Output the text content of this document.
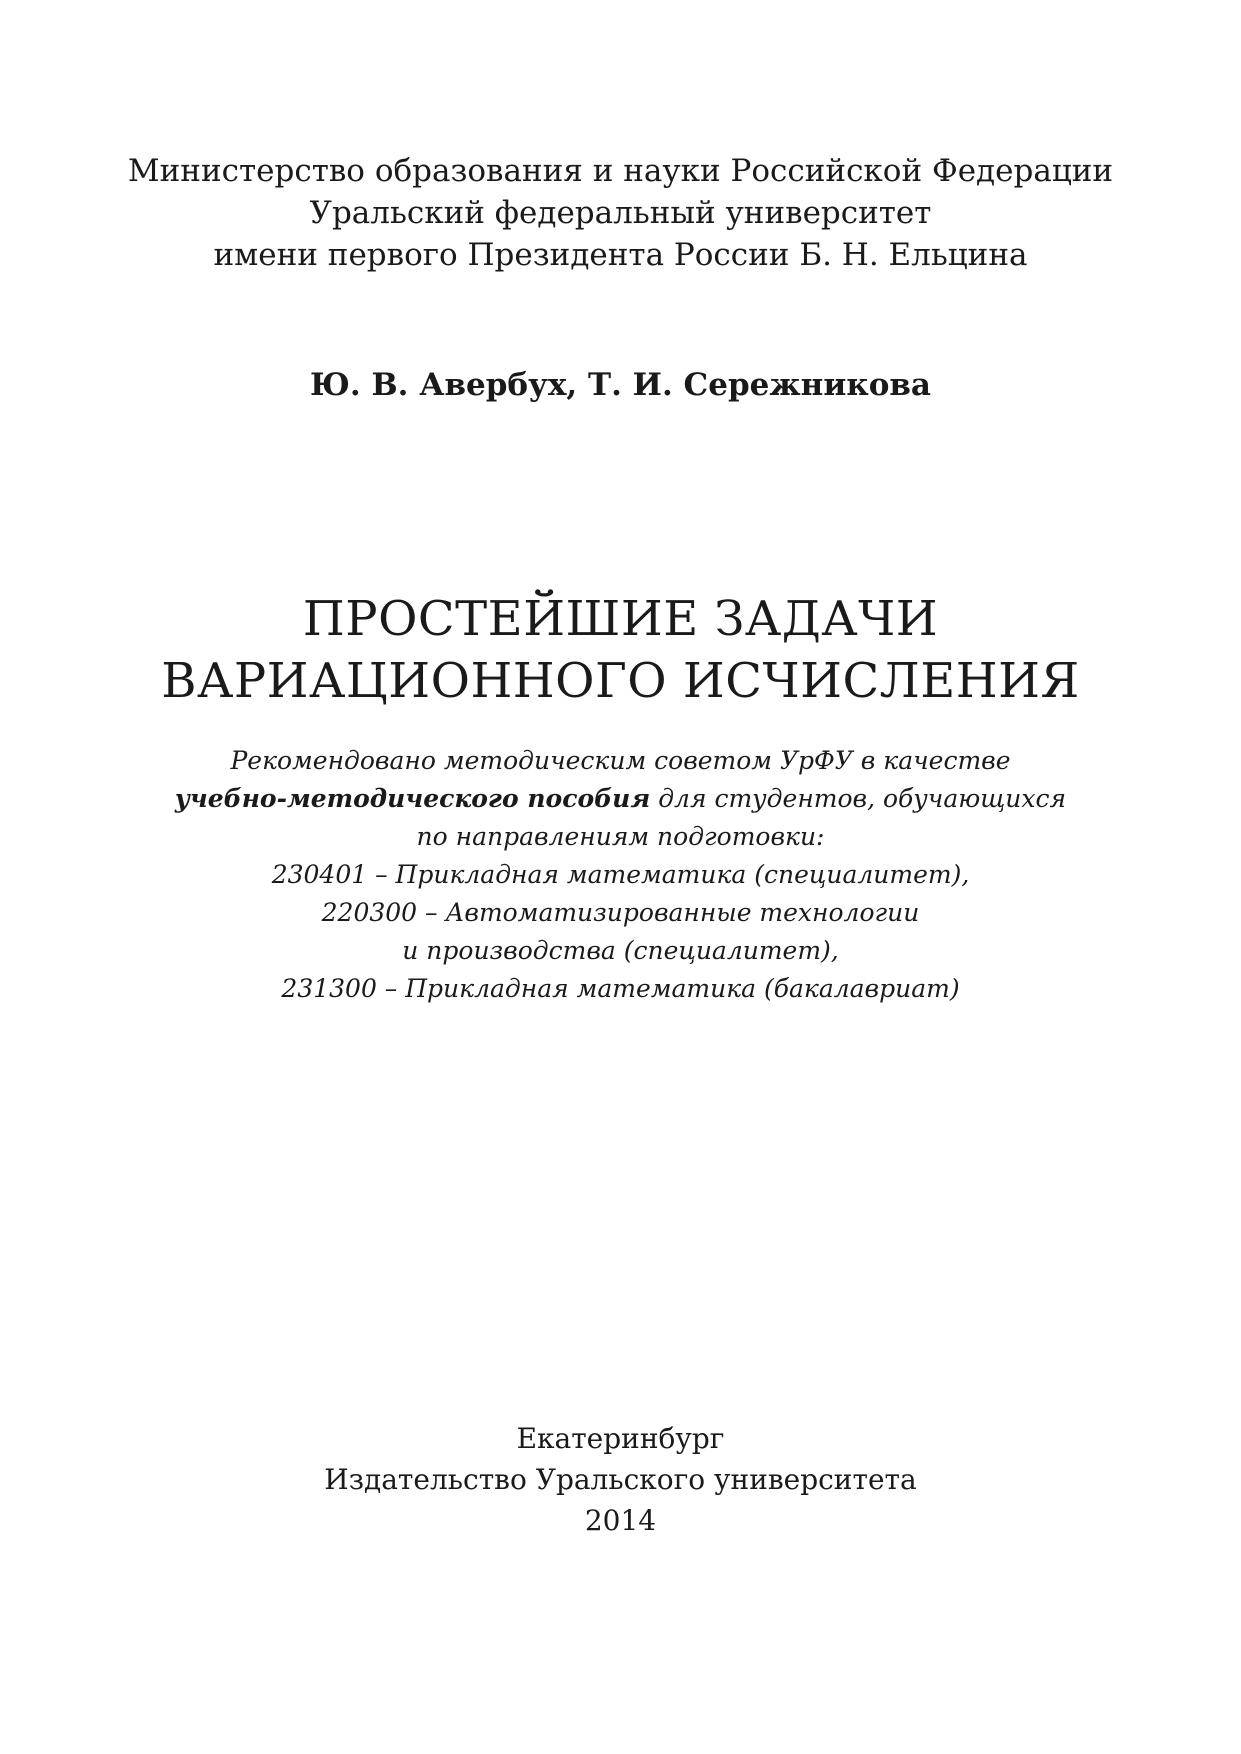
Министерство образования и науки Российской Федерации
Уральский федеральный университет
имени первого Президента России Б. Н. Ельцина
Ю. В. Авербух, Т. И. Сережникова
ПРОСТЕЙШИЕ ЗАДАЧИ
ВАРИАЦИОННОГО ИСЧИСЛЕНИЯ
Рекомендовано методическим советом УрФУ в качестве
учебно-методического пособия для студентов, обучающихся
по направлениям подготовки:
230401 – Прикладная математика (специалитет),
220300 – Автоматизированные технологии
и производства (специалитет),
231300 – Прикладная математика (бакалавриат)
Екатеринбург
Издательство Уральского университета
2014
